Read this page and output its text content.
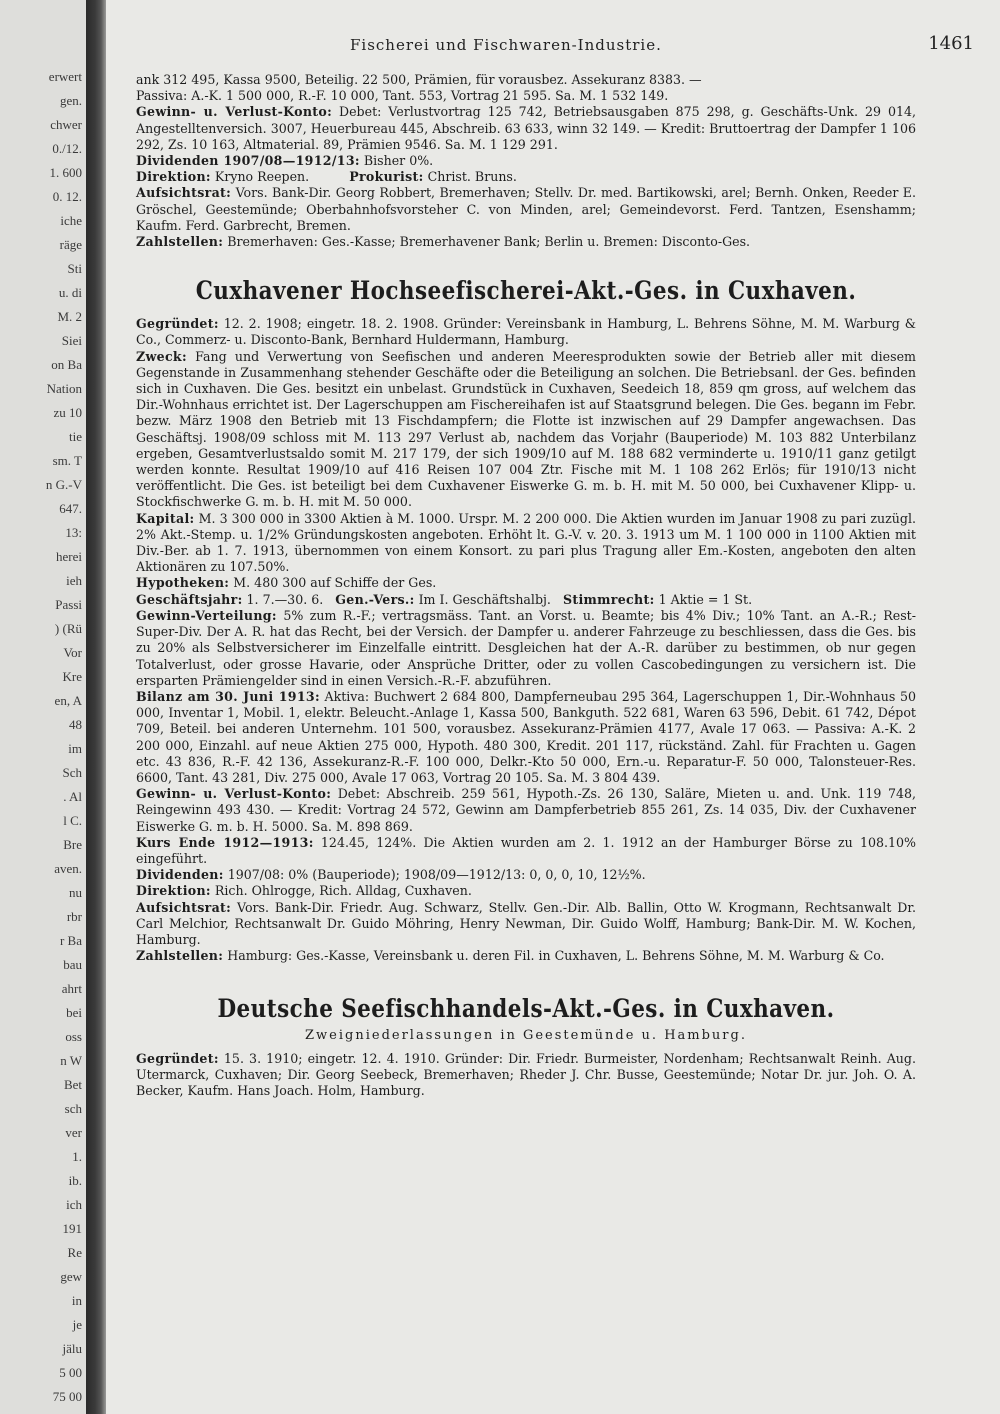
erwert
gen.
chwer
0./12.
1. 600
0. 12.
iche
räge
Sti
u. di
M. 2
Siei
on Ba
Nation
zu 10
tie
sm. T
n G.-V
647.
13:
herei
ieh
Passi
) (Rü
Vor
Kre
en, A
48
im
Sch
. Al
l C.
Bre
aven.
nu
rbr
r Ba
bau
ahrt
bei
oss
n W
Bet
sch
ver
1.
ib.
ich
191
Re
gew
in
je
jälu
5 00
75 00
Fischerei und Fischwaren-Industrie.	1461

ank 312 495, Kassa 9500, Beteilig. 22 500, Prämien, für vorausbez. Assekuranz 8383. —

Passiva: A.-K. 1 500 000, R.-F. 10 000, Tant. 553, Vortrag 21 595. Sa. M. 1 532 149.

Gewinn- u. Verlust-Konto: Debet: Verlustvortrag 125 742, Betriebsausgaben 875 298, g. Geschäfts-Unk. 29 014, Angestelltenversich. 3007, Heuerbureau 445, Abschreib. 63 633, winn 32 149. — Kredit: Bruttoertrag der Dampfer 1 106 292, Zs. 10 163, Altmaterial. 89, Prämien 9546. Sa. M. 1 129 291.

Dividenden 1907/08—1912/13: Bisher 0%.

Direktion: Kryno Reepen.	Prokurist: Christ. Bruns.

Aufsichtsrat: Vors. Bank-Dir. Georg Robbert, Bremerhaven; Stellv. Dr. med. Bartikowski, arel; Bernh. Onken, Reeder E. Gröschel, Geestemünde; Oberbahnhofsvorsteher C. von Minden, arel; Gemeindevorst. Ferd. Tantzen, Esenshamm; Kaufm. Ferd. Garbrecht, Bremen.

Zahlstellen: Bremerhaven: Ges.-Kasse; Bremerhavener Bank; Berlin u. Bremen: Disconto-Ges.

Cuxhavener Hochseefischerei-Akt.-Ges. in Cuxhaven.

Gegründet: 12. 2. 1908; eingetr. 18. 2. 1908. Gründer: Vereinsbank in Hamburg, L. Behrens Söhne, M. M. Warburg & Co., Commerz- u. Disconto-Bank, Bernhard Huldermann, Hamburg.

Zweck: Fang und Verwertung von Seefischen und anderen Meeresprodukten sowie der Betrieb aller mit diesem Gegenstande in Zusammenhang stehender Geschäfte oder die Beteiligung an solchen. Die Betriebsanl. der Ges. befinden sich in Cuxhaven. Die Ges. besitzt ein unbelast. Grundstück in Cuxhaven, Seedeich 18, 859 qm gross, auf welchem das Dir.-Wohnhaus errichtet ist. Der Lagerschuppen am Fischereihafen ist auf Staatsgrund belegen. Die Ges. begann im Febr. bezw. März 1908 den Betrieb mit 13 Fischdampfern; die Flotte ist inzwischen auf 29 Dampfer angewachsen. Das Geschäftsj. 1908/09 schloss mit M. 113 297 Verlust ab, nachdem das Vorjahr (Bauperiode) M. 103 882 Unterbilanz ergeben, Gesamtverlustsaldo somit M. 217 179, der sich 1909/10 auf M. 188 682 verminderte u. 1910/11 ganz getilgt werden konnte. Resultat 1909/10 auf 416 Reisen 107 004 Ztr. Fische mit M. 1 108 262 Erlös; für 1910/13 nicht veröffentlicht. Die Ges. ist beteiligt bei dem Cuxhavener Eiswerke G. m. b. H. mit M. 50 000, bei Cuxhavener Klipp- u. Stockfischwerke G. m. b. H. mit M. 50 000.

Kapital: M. 3 300 000 in 3300 Aktien à M. 1000. Urspr. M. 2 200 000. Die Aktien wurden im Januar 1908 zu pari zuzügl. 2% Akt.-Stemp. u. 1/2% Gründungskosten angeboten. Erhöht lt. G.-V. v. 20. 3. 1913 um M. 1 100 000 in 1100 Aktien mit Div.-Ber. ab 1. 7. 1913, übernommen von einem Konsort. zu pari plus Tragung aller Em.-Kosten, angeboten den alten Aktionären zu 107.50%.

Hypotheken: M. 480 300 auf Schiffe der Ges.

Geschäftsjahr: 1. 7.—30. 6. Gen.-Vers.: Im I. Geschäftshalbj. Stimmrecht: 1 Aktie = 1 St.

Gewinn-Verteilung: 5% zum R.-F.; vertragsmäss. Tant. an Vorst. u. Beamte; bis 4% Div.; 10% Tant. an A.-R.; Rest-Super-Div. Der A. R. hat das Recht, bei der Versich. der Dampfer u. anderer Fahrzeuge zu beschliessen, dass die Ges. bis zu 20% als Selbstversicherer im Einzelfalle eintritt. Desgleichen hat der A.-R. darüber zu bestimmen, ob nur gegen Totalverlust, oder grosse Havarie, oder Ansprüche Dritter, oder zu vollen Cascobedingungen zu versichern ist. Die ersparten Prämiengelder sind in einen Versich.-R.-F. abzuführen.

Bilanz am 30. Juni 1913: Aktiva: Buchwert 2 684 800, Dampferneubau 295 364, Lagerschuppen 1, Dir.-Wohnhaus 50 000, Inventar 1, Mobil. 1, elektr. Beleucht.-Anlage 1, Kassa 500, Bankguth. 522 681, Waren 63 596, Debit. 61 742, Dépot 709, Beteil. bei anderen Unternehm. 101 500, vorausbez. Assekuranz-Prämien 4177, Avale 17 063. — Passiva: A.-K. 2 200 000, Einzahl. auf neue Aktien 275 000, Hypoth. 480 300, Kredit. 201 117, rückständ. Zahl. für Frachten u. Gagen etc. 43 836, R.-F. 42 136, Assekuranz-R.-F. 100 000, Delkr.-Kto 50 000, Ern.-u. Reparatur-F. 50 000, Talonsteuer-Res. 6600, Tant. 43 281, Div. 275 000, Avale 17 063, Vortrag 20 105. Sa. M. 3 804 439.

Gewinn- u. Verlust-Konto: Debet: Abschreib. 259 561, Hypoth.-Zs. 26 130, Saläre, Mieten u. and. Unk. 119 748, Reingewinn 493 430. — Kredit: Vortrag 24 572, Gewinn am Dampferbetrieb 855 261, Zs. 14 035, Div. der Cuxhavener Eiswerke G. m. b. H. 5000. Sa. M. 898 869.

Kurs Ende 1912—1913: 124.45, 124%. Die Aktien wurden am 2. 1. 1912 an der Hamburger Börse zu 108.10% eingeführt.

Dividenden: 1907/08: 0% (Bauperiode); 1908/09—1912/13: 0, 0, 0, 10, 12½%.

Direktion: Rich. Ohlrogge, Rich. Alldag, Cuxhaven.

Aufsichtsrat: Vors. Bank-Dir. Friedr. Aug. Schwarz, Stellv. Gen.-Dir. Alb. Ballin, Otto W. Krogmann, Rechtsanwalt Dr. Carl Melchior, Rechtsanwalt Dr. Guido Möhring, Henry Newman, Dir. Guido Wolff, Hamburg; Bank-Dir. M. W. Kochen, Hamburg.

Zahlstellen: Hamburg: Ges.-Kasse, Vereinsbank u. deren Fil. in Cuxhaven, L. Behrens Söhne, M. M. Warburg & Co.

Deutsche Seefischhandels-Akt.-Ges. in Cuxhaven.
Zweigniederlassungen in Geestemünde u. Hamburg.

Gegründet: 15. 3. 1910; eingetr. 12. 4. 1910. Gründer: Dir. Friedr. Burmeister, Nordenham; Rechtsanwalt Reinh. Aug. Utermarck, Cuxhaven; Dir. Georg Seebeck, Bremerhaven; Rheder J. Chr. Busse, Geestemünde; Notar Dr. jur. Joh. O. A. Becker, Kaufm. Hans Joach. Holm, Hamburg.
